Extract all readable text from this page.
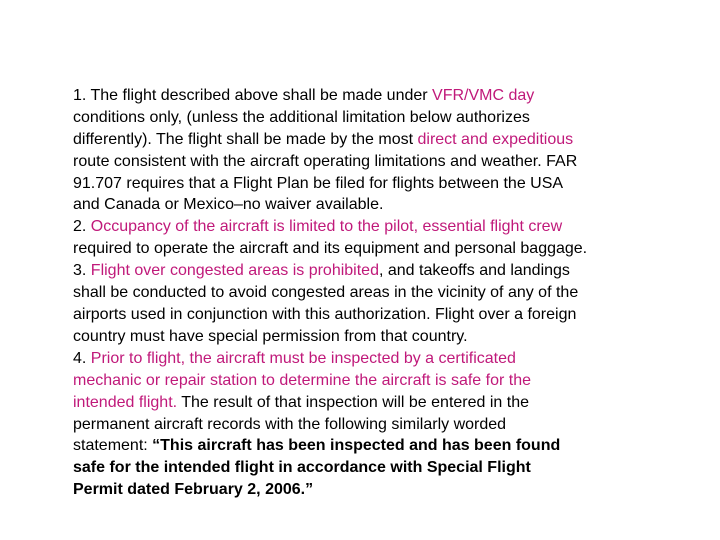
1. The flight described above shall be made under VFR/VMC day
conditions only, (unless the additional limitation below authorizes
differently). The flight shall be made by the most direct and expeditious
route consistent with the aircraft operating limitations and weather. FAR
91.707 requires that a Flight Plan be filed for flights between the USA
and Canada or Mexico–no waiver available.
2. Occupancy of the aircraft is limited to the pilot, essential flight crew
required to operate the aircraft and its equipment and personal baggage.
3. Flight over congested areas is prohibited, and takeoffs and landings
shall be conducted to avoid congested areas in the vicinity of any of the
airports used in conjunction with this authorization. Flight over a foreign
country must have special permission from that country.
4. Prior to flight, the aircraft must be inspected by a certificated
mechanic or repair station to determine the aircraft is safe for the
intended flight. The result of that inspection will be entered in the
permanent aircraft records with the following similarly worded
statement: “This aircraft has been inspected and has been found
safe for the intended flight in accordance with Special Flight
Permit dated February 2, 2006.”
